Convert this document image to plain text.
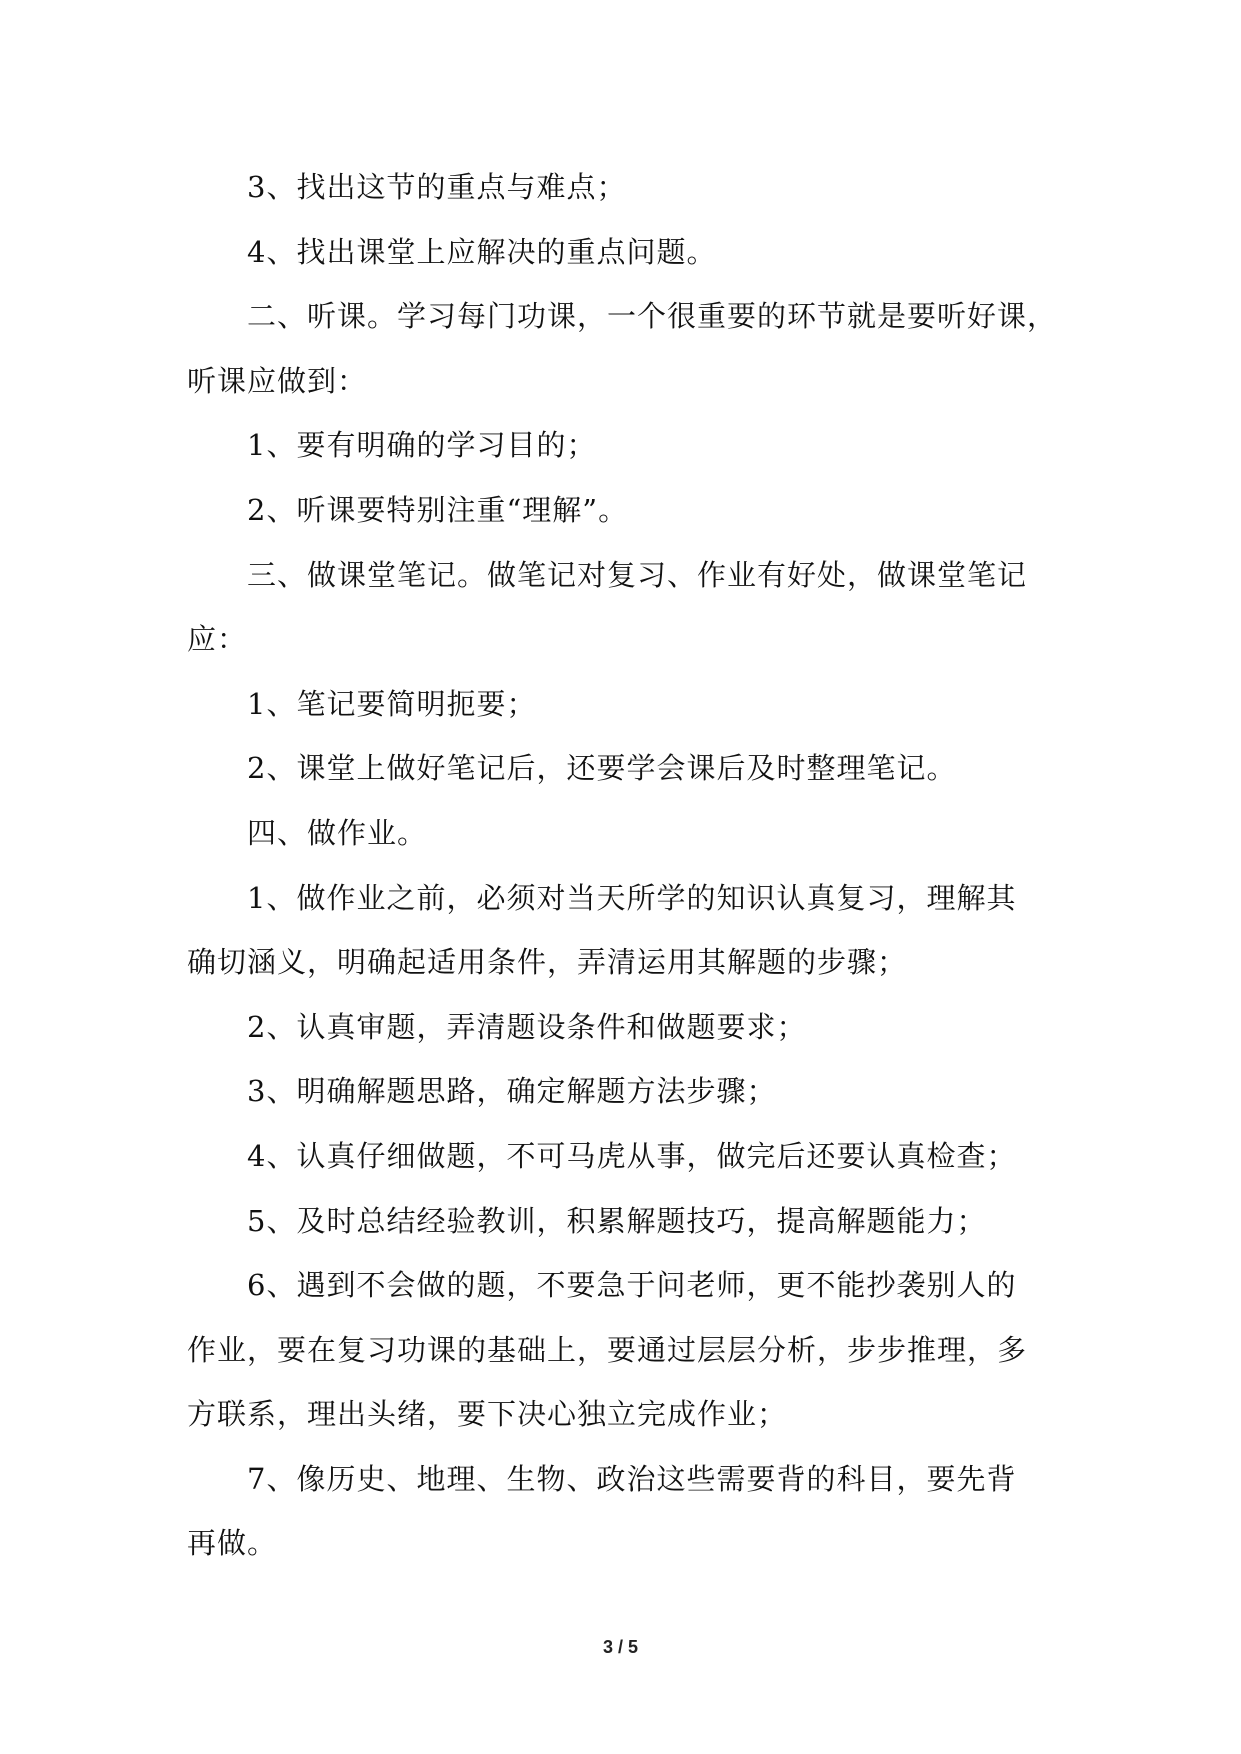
3、找出这节的重点与难点；
4、找出课堂上应解决的重点问题。
二、听课。学习每门功课，一个很重要的环节就是要听好课，
听课应做到：
1、要有明确的学习目的；
2、听课要特别注重“理解”。
三、做课堂笔记。做笔记对复习、作业有好处，做课堂笔记
应：
1、笔记要简明扼要；
2、课堂上做好笔记后，还要学会课后及时整理笔记。
四、做作业。
1、做作业之前，必须对当天所学的知识认真复习，理解其
确切涵义，明确起适用条件，弄清运用其解题的步骤；
2、认真审题，弄清题设条件和做题要求；
3、明确解题思路，确定解题方法步骤；
4、认真仔细做题，不可马虎从事，做完后还要认真检查；
5、及时总结经验教训，积累解题技巧，提高解题能力；
6、遇到不会做的题，不要急于问老师，更不能抄袭别人的
作业，要在复习功课的基础上，要通过层层分析，步步推理，多
方联系，理出头绪，要下决心独立完成作业；
7、像历史、地理、生物、政治这些需要背的科目，要先背
再做。
3 / 5
